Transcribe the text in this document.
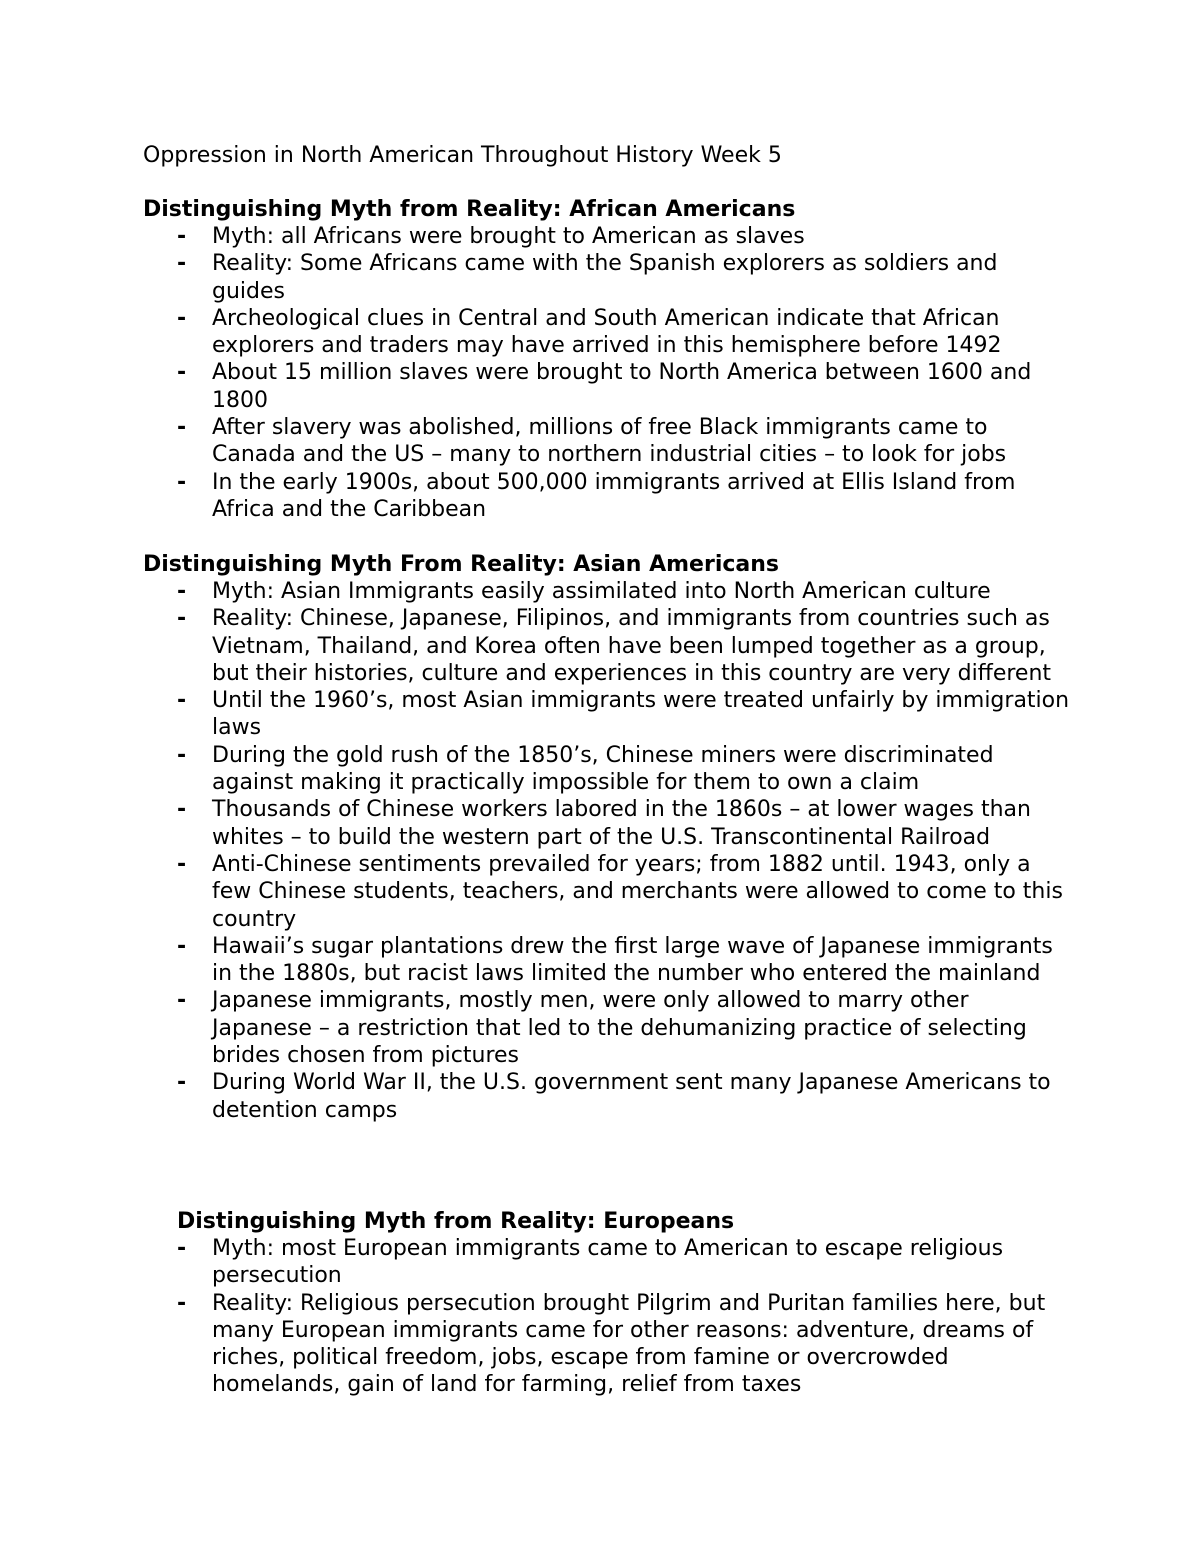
Oppression in North American Throughout History Week 5
Distinguishing Myth from Reality: African Americans
- Myth: all Africans were brought to American as slaves
- Reality: Some Africans came with the Spanish explorers as soldiers and guides
- Archeological clues in Central and South American indicate that African explorers and traders may have arrived in this hemisphere before 1492
- About 15 million slaves were brought to North America between 1600 and 1800
- After slavery was abolished, millions of free Black immigrants came to Canada and the US – many to northern industrial cities – to look for jobs
- In the early 1900s, about 500,000 immigrants arrived at Ellis Island from Africa and the Caribbean
Distinguishing Myth From Reality: Asian Americans
- Myth: Asian Immigrants easily assimilated into North American culture
- Reality: Chinese, Japanese, Filipinos, and immigrants from countries such as Vietnam, Thailand, and Korea often have been lumped together as a group, but their histories, culture and experiences in this country are very different
- Until the 1960’s, most Asian immigrants were treated unfairly by immigration laws
- During the gold rush of the 1850’s, Chinese miners were discriminated against making it practically impossible for them to own a claim
- Thousands of Chinese workers labored in the 1860s – at lower wages than whites – to build the western part of the U.S. Transcontinental Railroad
- Anti-Chinese sentiments prevailed for years; from 1882 until. 1943, only a few Chinese students, teachers, and merchants were allowed to come to this country
- Hawaii’s sugar plantations drew the first large wave of Japanese immigrants in the 1880s, but racist laws limited the number who entered the mainland
- Japanese immigrants, mostly men, were only allowed to marry other Japanese – a restriction that led to the dehumanizing practice of selecting brides chosen from pictures
- During World War II, the U.S. government sent many Japanese Americans to detention camps
Distinguishing Myth from Reality: Europeans
- Myth: most European immigrants came to American to escape religious persecution
- Reality: Religious persecution brought Pilgrim and Puritan families here, but many European immigrants came for other reasons: adventure, dreams of riches, political freedom, jobs, escape from famine or overcrowded homelands, gain of land for farming, relief from taxes
